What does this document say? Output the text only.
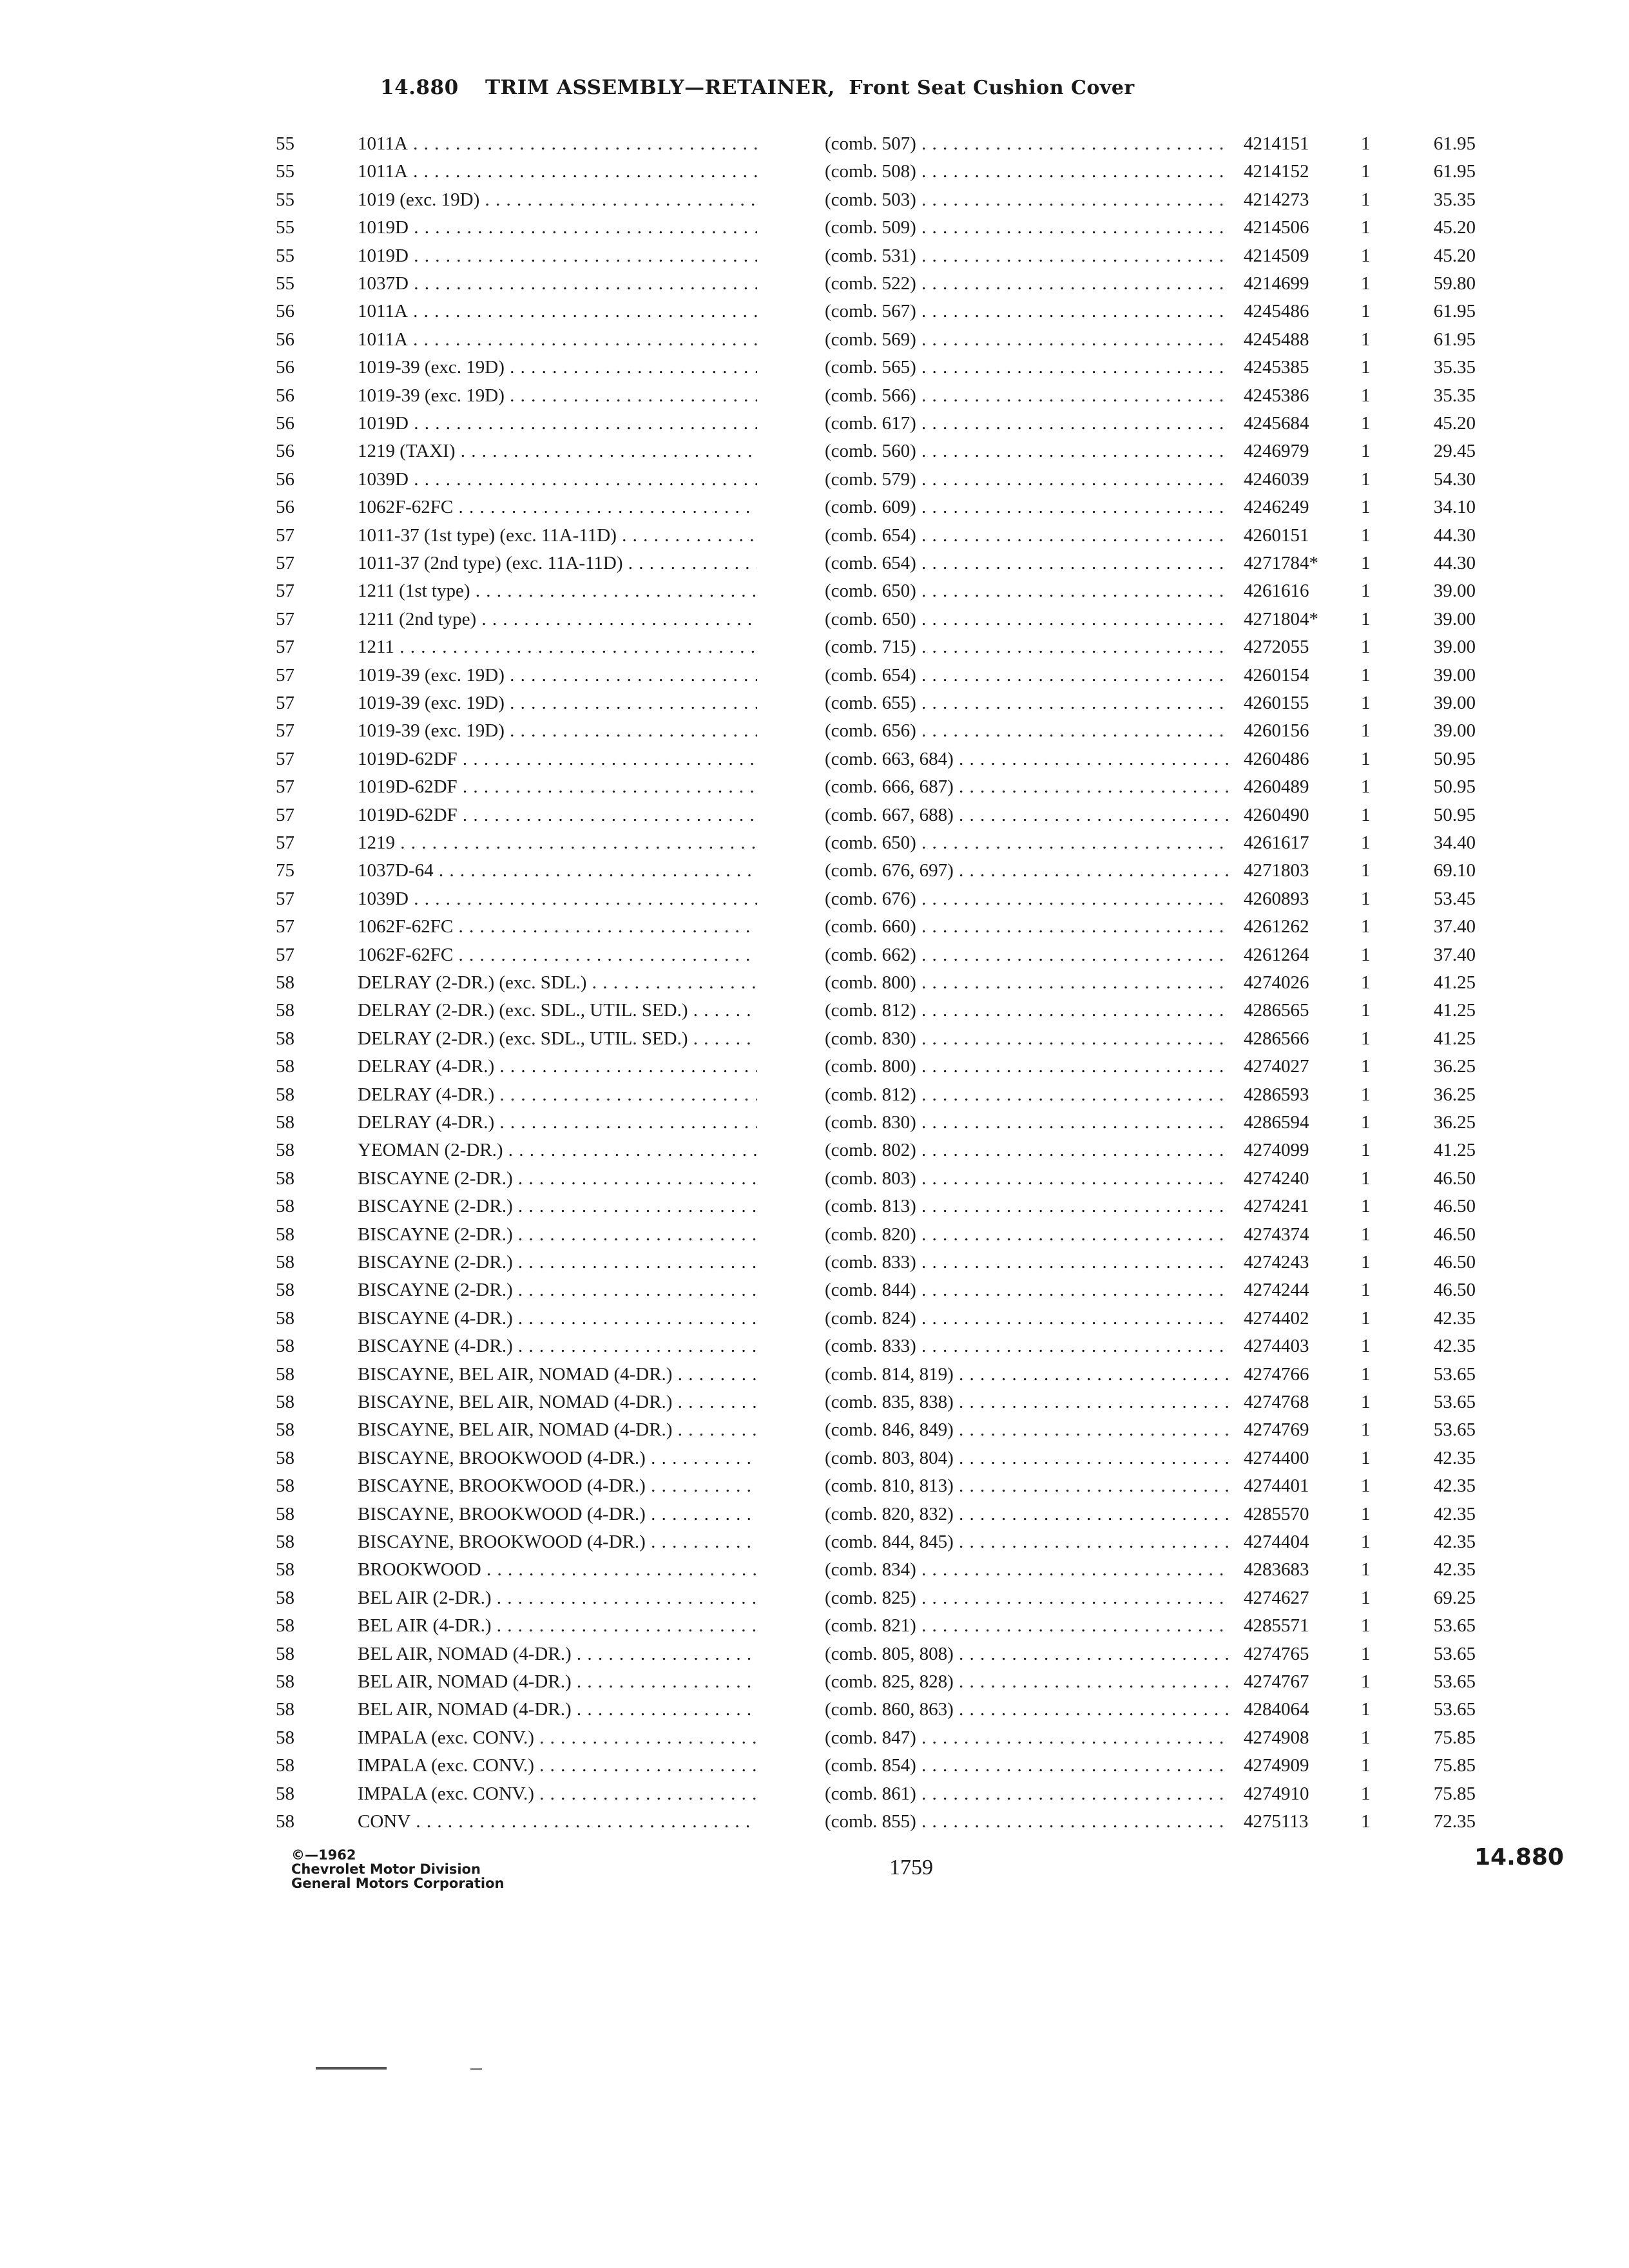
14.880 TRIM ASSEMBLY—RETAINER, Front Seat Cushion Cover
55	1011A . . .	(comb. 507) . . .	4214151	1	61.95
55	1011A . . .	(comb. 508) . . .	4214152	1	61.95
55	1019 (exc. 19D) . . .	(comb. 503) . . .	4214273	1	35.35
55	1019D . . .	(comb. 509) . . .	4214506	1	45.20
55	1019D . . .	(comb. 531) . . .	4214509	1	45.20
55	1037D . . .	(comb. 522) . . .	4214699	1	59.80
56	1011A . . .	(comb. 567) . . .	4245486	1	61.95
56	1011A . . .	(comb. 569) . . .	4245488	1	61.95
56	1019-39 (exc. 19D) . . .	(comb. 565) . . .	4245385	1	35.35
56	1019-39 (exc. 19D) . . .	(comb. 566) . . .	4245386	1	35.35
56	1019D . . .	(comb. 617) . . .	4245684	1	45.20
56	1219 (TAXI) . . .	(comb. 560) . . .	4246979	1	29.45
56	1039D . . .	(comb. 579) . . .	4246039	1	54.30
56	1062F-62FC . . .	(comb. 609) . . .	4246249	1	34.10
57	1011-37 (1st type) (exc. 11A-11D) . . .	(comb. 654) . . .	4260151	1	44.30
57	1011-37 (2nd type) (exc. 11A-11D) . . .	(comb. 654) . . .	4271784*	1	44.30
57	1211 (1st type) . . .	(comb. 650) . . .	4261616	1	39.00
57	1211 (2nd type) . . .	(comb. 650) . . .	4271804*	1	39.00
57	1211 . . .	(comb. 715) . . .	4272055	1	39.00
57	1019-39 (exc. 19D) . . .	(comb. 654) . . .	4260154	1	39.00
57	1019-39 (exc. 19D) . . .	(comb. 655) . . .	4260155	1	39.00
57	1019-39 (exc. 19D) . . .	(comb. 656) . . .	4260156	1	39.00
57	1019D-62DF . . .	(comb. 663, 684) . . .	4260486	1	50.95
57	1019D-62DF . . .	(comb. 666, 687) . . .	4260489	1	50.95
57	1019D-62DF . . .	(comb. 667, 688) . . .	4260490	1	50.95
57	1219 . . .	(comb. 650) . . .	4261617	1	34.40
75	1037D-64 . . .	(comb. 676, 697) . . .	4271803	1	69.10
57	1039D . . .	(comb. 676) . . .	4260893	1	53.45
57	1062F-62FC . . .	(comb. 660) . . .	4261262	1	37.40
57	1062F-62FC . . .	(comb. 662) . . .	4261264	1	37.40
58	DELRAY (2-DR.) (exc. SDL.) . . .	(comb. 800) . . .	4274026	1	41.25
58	DELRAY (2-DR.) (exc. SDL., UTIL. SED.) . . .	(comb. 812) . . .	4286565	1	41.25
58	DELRAY (2-DR.) (exc. SDL., UTIL. SED.) . . .	(comb. 830) . . .	4286566	1	41.25
58	DELRAY (4-DR.) . . .	(comb. 800) . . .	4274027	1	36.25
58	DELRAY (4-DR.) . . .	(comb. 812) . . .	4286593	1	36.25
58	DELRAY (4-DR.) . . .	(comb. 830) . . .	4286594	1	36.25
58	YEOMAN (2-DR.) . . .	(comb. 802) . . .	4274099	1	41.25
58	BISCAYNE (2-DR.) . . .	(comb. 803) . . .	4274240	1	46.50
58	BISCAYNE (2-DR.) . . .	(comb. 813) . . .	4274241	1	46.50
58	BISCAYNE (2-DR.) . . .	(comb. 820) . . .	4274374	1	46.50
58	BISCAYNE (2-DR.) . . .	(comb. 833) . . .	4274243	1	46.50
58	BISCAYNE (2-DR.) . . .	(comb. 844) . . .	4274244	1	46.50
58	BISCAYNE (4-DR.) . . .	(comb. 824) . . .	4274402	1	42.35
58	BISCAYNE (4-DR.) . . .	(comb. 833) . . .	4274403	1	42.35
58	BISCAYNE, BEL AIR, NOMAD (4-DR.) . . .	(comb. 814, 819) . . .	4274766	1	53.65
58	BISCAYNE, BEL AIR, NOMAD (4-DR.) . . .	(comb. 835, 838) . . .	4274768	1	53.65
58	BISCAYNE, BEL AIR, NOMAD (4-DR.) . . .	(comb. 846, 849) . . .	4274769	1	53.65
58	BISCAYNE, BROOKWOOD (4-DR.) . . .	(comb. 803, 804) . . .	4274400	1	42.35
58	BISCAYNE, BROOKWOOD (4-DR.) . . .	(comb. 810, 813) . . .	4274401	1	42.35
58	BISCAYNE, BROOKWOOD (4-DR.) . . .	(comb. 820, 832) . . .	4285570	1	42.35
58	BISCAYNE, BROOKWOOD (4-DR.) . . .	(comb. 844, 845) . . .	4274404	1	42.35
58	BROOKWOOD . . .	(comb. 834) . . .	4283683	1	42.35
58	BEL AIR (2-DR.) . . .	(comb. 825) . . .	4274627	1	69.25
58	BEL AIR (4-DR.) . . .	(comb. 821) . . .	4285571	1	53.65
58	BEL AIR, NOMAD (4-DR.) . . .	(comb. 805, 808) . . .	4274765	1	53.65
58	BEL AIR, NOMAD (4-DR.) . . .	(comb. 825, 828) . . .	4274767	1	53.65
58	BEL AIR, NOMAD (4-DR.) . . .	(comb. 860, 863) . . .	4284064	1	53.65
58	IMPALA (exc. CONV.) . . .	(comb. 847) . . .	4274908	1	75.85
58	IMPALA (exc. CONV.) . . .	(comb. 854) . . .	4274909	1	75.85
58	IMPALA (exc. CONV.) . . .	(comb. 861) . . .	4274910	1	75.85
58	CONV . . .	(comb. 855) . . .	4275113	1	72.35
©—1962
Chevrolet Motor Division
General Motors Corporation
1759	14.880
